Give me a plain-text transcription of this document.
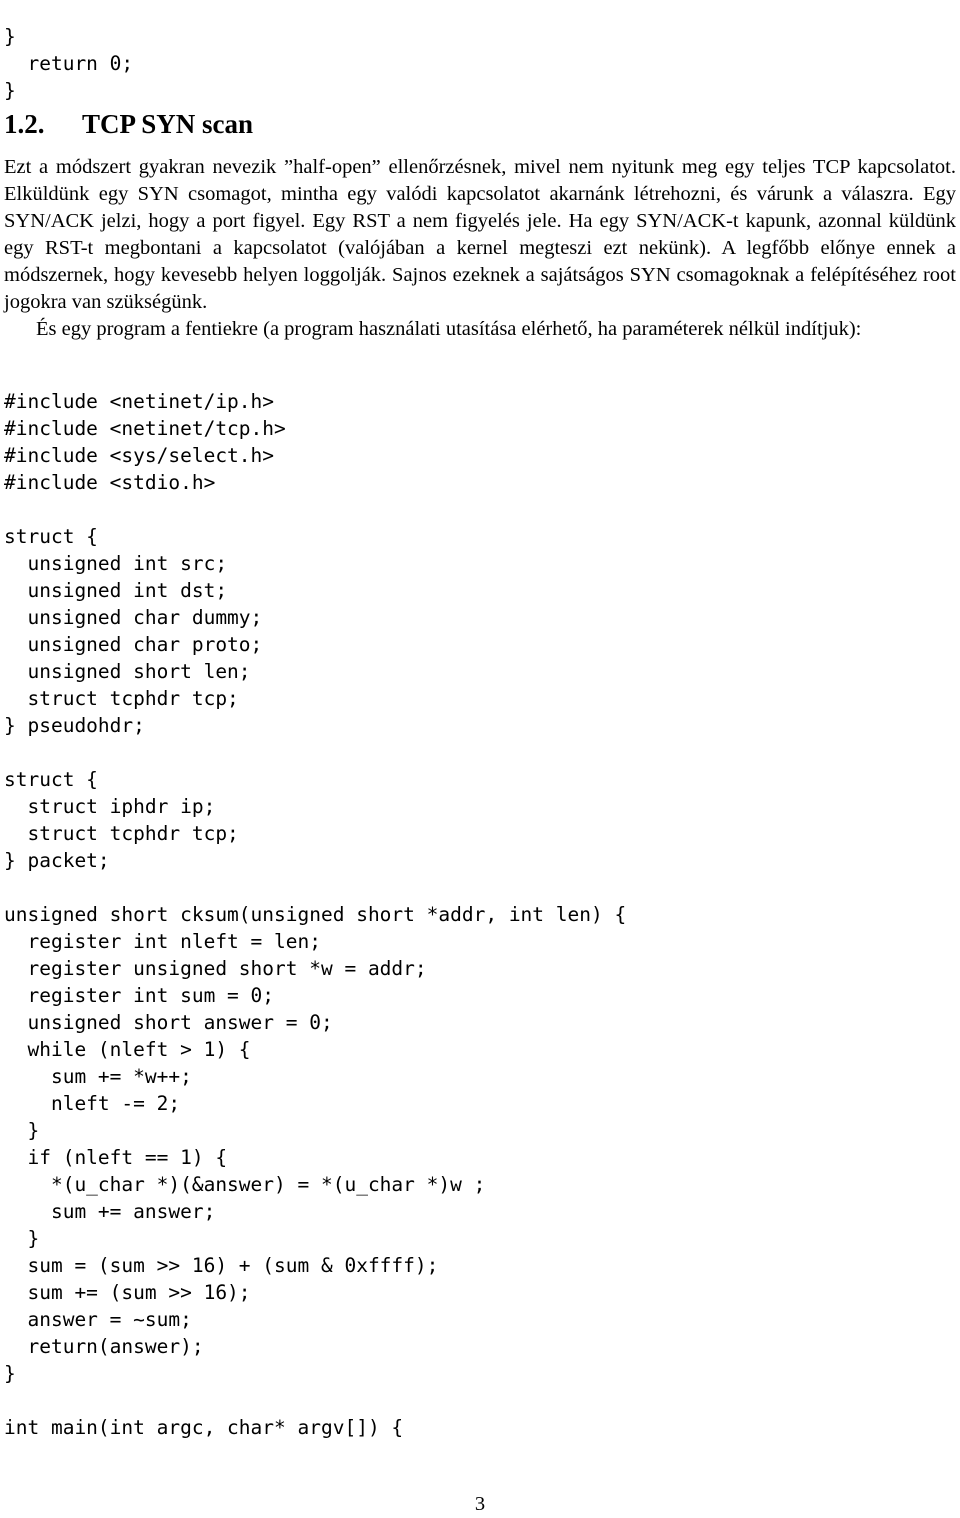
}
return 0;
}
1.2. TCP SYN scan

Ezt a módszert gyakran nevezik ”half-open” ellenőrzésnek, mivel nem nyitunk meg egy teljes TCP kapcsolatot. Elküldünk egy SYN csomagot, mintha egy valódi kapcsolatot akarnánk létrehozni, és várunk a válaszra. Egy SYN/ACK jelzi, hogy a port figyel. Egy RST a nem figyelés jele. Ha egy SYN/ACK-t kapunk, azonnal küldünk egy RST-t megbontani a kapcsolatot (valójában a kernel megteszi ezt nekünk). A legfőbb előnye ennek a módszernek, hogy kevesebb helyen loggolják. Sajnos ezeknek a sajátságos SYN csomagoknak a felépítéséhez root jogokra van szükségünk.

És egy program a fentiekre (a program használati utasítása elérhető, ha paraméterek nélkül indítjuk):

#include <netinet/ip.h>
#include <netinet/tcp.h>
#include <sys/select.h>
#include <stdio.h>

struct {
unsigned int src;
unsigned int dst;
unsigned char dummy;
unsigned char proto;
unsigned short len;
struct tcphdr tcp;
} pseudohdr;

struct {
struct iphdr ip;
struct tcphdr tcp;
} packet;

unsigned short cksum(unsigned short *addr, int len) {
register int nleft = len;
register unsigned short *w = addr;
register int sum = 0;
unsigned short answer = 0;
while (nleft > 1) {
sum += *w++;
nleft -= 2;
}
if (nleft == 1) {
*(u_char *)(&answer) = *(u_char *)w ;
sum += answer;
}
sum = (sum >> 16) + (sum & 0xffff);
sum += (sum >> 16);
answer = ~sum;
return(answer);
}

int main(int argc, char* argv[]) {
3
